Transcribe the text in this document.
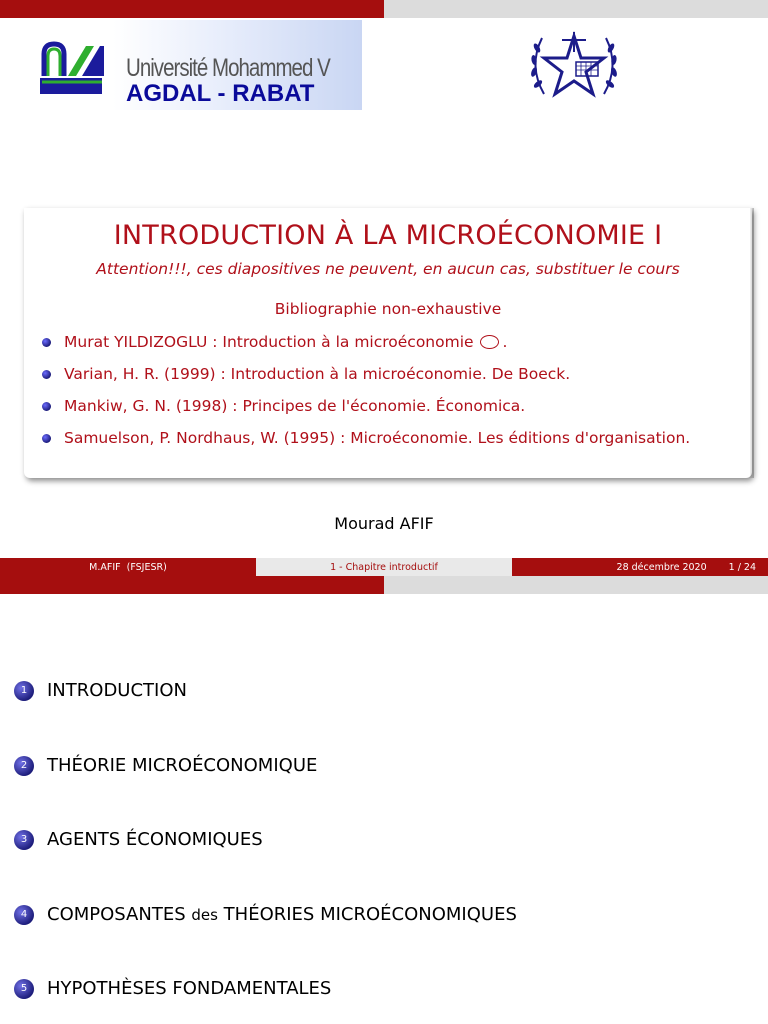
Université Mohammed V
AGDAL - RABAT
INTRODUCTION À LA MICROÉCONOMIE I
Attention!!!, ces diapositives ne peuvent, en aucun cas, substituer le cours
Bibliographie non-exhaustive
Murat YILDIZOGLU : Introduction à la microéconomie .
Varian, H. R. (1999) : Introduction à la microéconomie. De Boeck.
Mankiw, G. N. (1998) : Principes de l'économie. Économica.
Samuelson, P. Nordhaus, W. (1995) : Microéconomie. Les éditions d'organisation.
Mourad AFIF
M.AFIF  (FSJESR)	1 - Chapitre introductif	28 décembre 2020 1 / 24
1	INTRODUCTION
2	THÉORIE MICROÉCONOMIQUE
3	AGENTS ÉCONOMIQUES
4	COMPOSANTES des THÉORIES MICROÉCONOMIQUES
5	HYPOTHÈSES FONDAMENTALES
